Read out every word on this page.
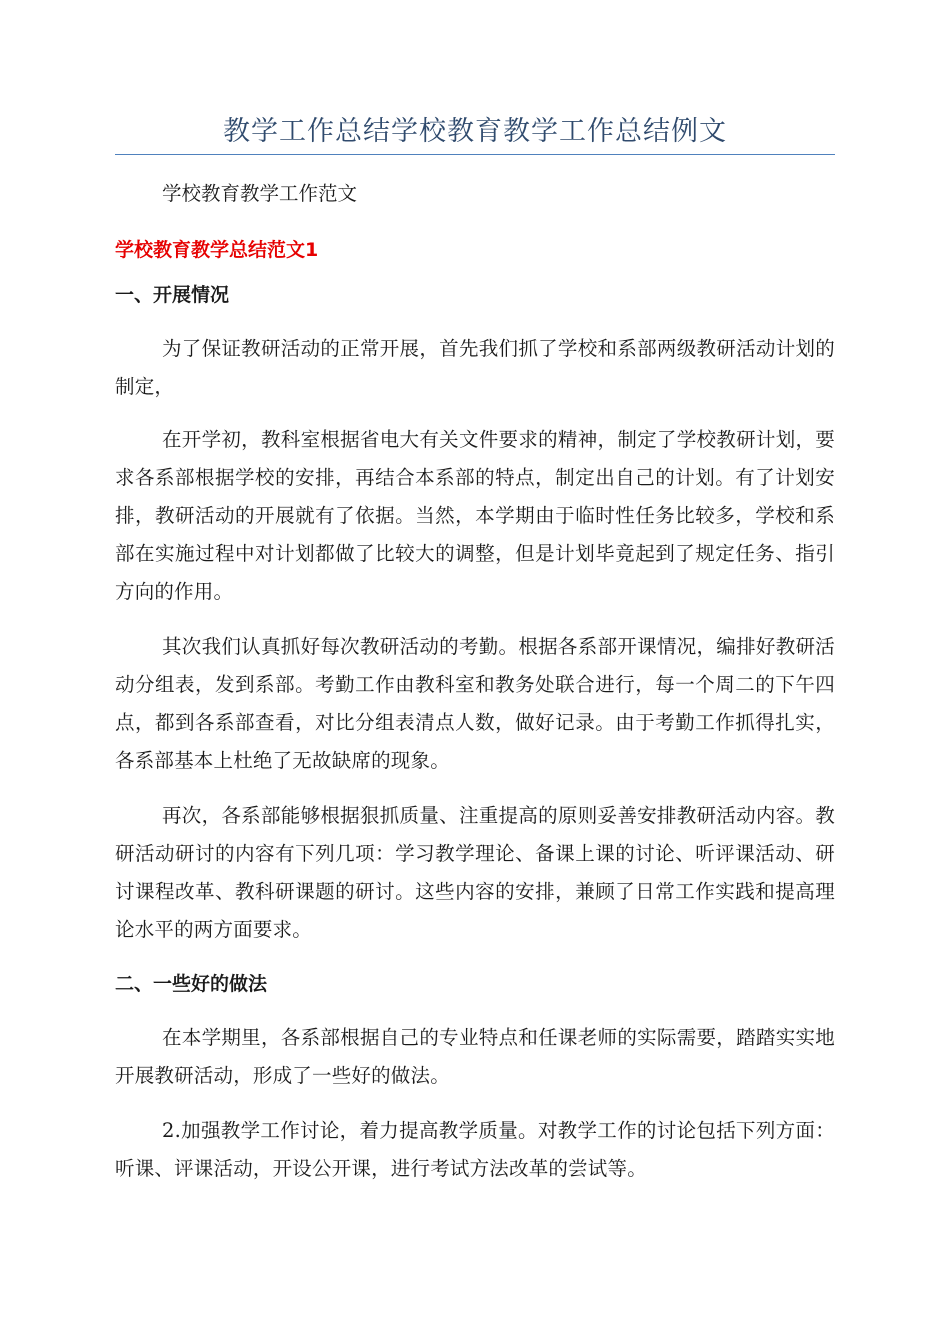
教学工作总结学校教育教学工作总结例文

学校教育教学工作范文

学校教育教学总结范文1

一、开展情况

为了保证教研活动的正常开展，首先我们抓了学校和系部两级教研活动计划的制定，

在开学初，教科室根据省电大有关文件要求的精神，制定了学校教研计划，要求各系部根据学校的安排，再结合本系部的特点，制定出自己的计划。有了计划安排，教研活动的开展就有了依据。当然，本学期由于临时性任务比较多，学校和系部在实施过程中对计划都做了比较大的调整，但是计划毕竟起到了规定任务、指引方向的作用。

其次我们认真抓好每次教研活动的考勤。根据各系部开课情况，编排好教研活动分组表，发到系部。考勤工作由教科室和教务处联合进行，每一个周二的下午四点，都到各系部查看，对比分组表清点人数，做好记录。由于考勤工作抓得扎实，各系部基本上杜绝了无故缺席的现象。

再次，各系部能够根据狠抓质量、注重提高的原则妥善安排教研活动内容。教研活动研讨的内容有下列几项：学习教学理论、备课上课的讨论、听评课活动、研讨课程改革、教科研课题的研讨。这些内容的安排，兼顾了日常工作实践和提高理论水平的两方面要求。

二、一些好的做法

在本学期里，各系部根据自己的专业特点和任课老师的实际需要，踏踏实实地开展教研活动，形成了一些好的做法。

2.加强教学工作讨论，着力提高教学质量。对教学工作的讨论包括下列方面：听课、评课活动，开设公开课，进行考试方法改革的尝试等。
